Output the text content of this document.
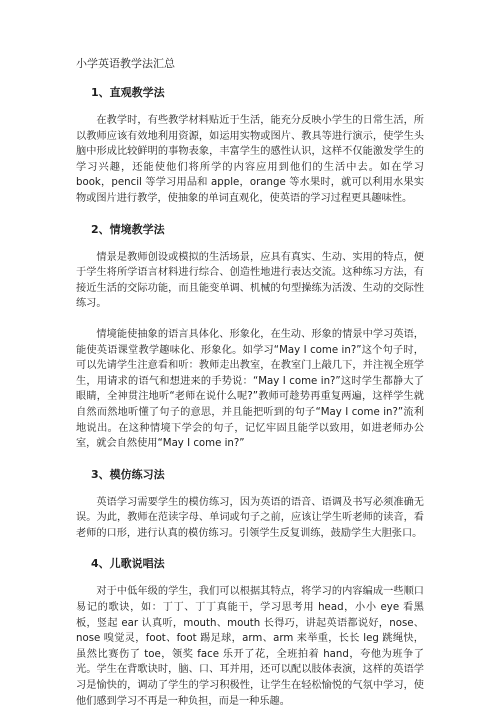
小学英语教学法汇总
1、直观教学法

在教学时，有些教学材料贴近于生活，能充分反映小学生的日常生活，所以教师应该有效地利用资源，如运用实物或图片、教具等进行演示，使学生头脑中形成比较鲜明的事物表象，丰富学生的感性认识，这样不仅能激发学生的学习兴趣，还能使他们将所学的内容应用到他们的生活中去。如在学习 book，pencil 等学习用品和 apple，orange 等水果时，就可以利用水果实物或图片进行教学，使抽象的单词直观化，使英语的学习过程更具趣味性。

2、情境教学法

情景是教师创设或模拟的生活场景，应具有真实、生动、实用的特点，便于学生将所学语言材料进行综合、创造性地进行表达交流。这种练习方法，有接近生活的交际功能，而且能变单调、机械的句型操练为活泼、生动的交际性练习。

情境能使抽象的语言具体化、形象化，在生动、形象的情景中学习英语，能使英语课堂教学趣味化、形象化。如学习“May I come in?”这个句子时，可以先请学生注意看和听：教师走出教室，在教室门上敲几下，并注视全班学生，用请求的语气和想进来的手势说：“May I come in?”这时学生都静大了眼睛，全神贯注地听“老师在说什么呢?”教师可趁势再重复两遍，这样学生就自然而然地听懂了句子的意思，并且能把听到的句子“May I come in?”流利地说出。在这种情境下学会的句子，记忆牢固且能学以致用，如进老师办公室，就会自然使用“May I come in?”

3、模仿练习法

英语学习需要学生的模仿练习，因为英语的语音、语调及书写必须准确无误。为此，教师在范读字母、单词或句子之前，应该让学生听老师的读音，看老师的口形，进行认真的模仿练习。引领学生反复训练，鼓励学生大胆张口。

4、儿歌说唱法

对于中低年级的学生，我们可以根据其特点，将学习的内容编成一些顺口易记的歌诀，如：丁丁、丁丁真能干，学习思考用 head，小小 eye 看黑板，竖起 ear 认真听，mouth、mouth 长得巧，讲起英语都说好，nose、nose 嗅觉灵，foot、foot 踢足球，arm、arm 来举重，长长 leg 跳绳快，虽然比赛伤了 toe，领奖 face 乐开了花，全班拍着 hand，夸他为班争了光。学生在背歌诀时，脑、口、耳并用，还可以配以肢体表演，这样的英语学习是愉快的，调动了学生的学习积极性，让学生在轻松愉悦的气氛中学习，使他们感到学习不再是一种负担，而是一种乐趣。
